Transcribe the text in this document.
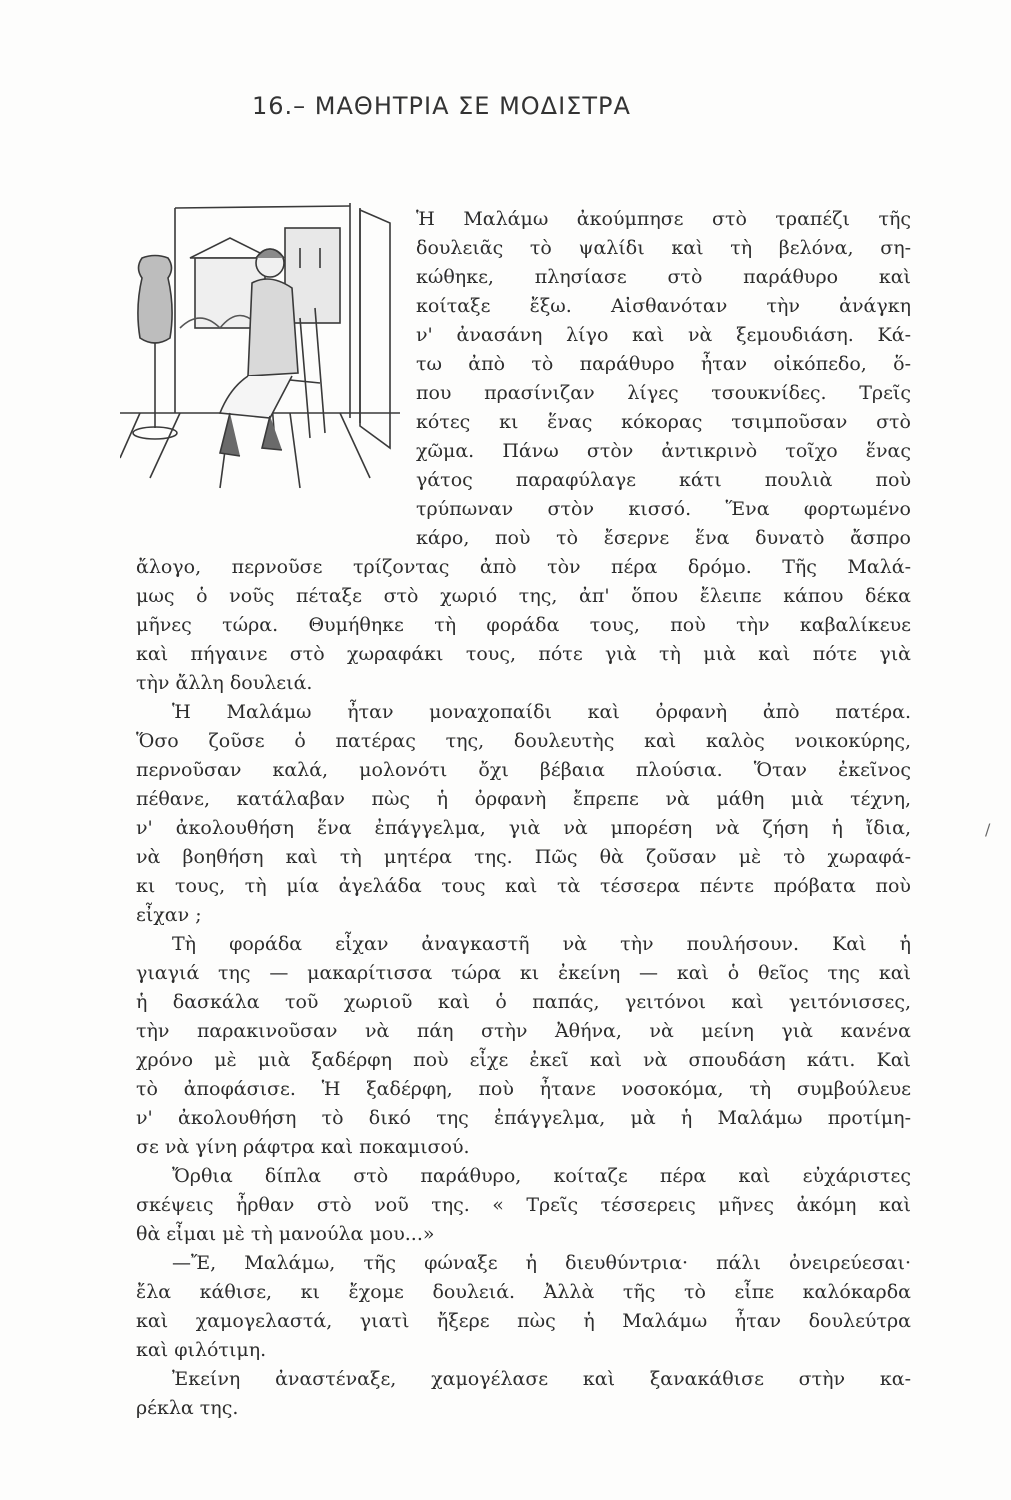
16.– ΜΑΘΗΤΡΙΑ ΣΕ ΜΟΔΙΣΤΡΑ
Ἡ Μαλάμω ἀκούμπησε στὸ τραπέζι τῆς
δουλειᾶς τὸ ψαλίδι καὶ τὴ βελόνα, ση-
κώθηκε, πλησίασε στὸ παράθυρο καὶ
κοίταξε ἔξω. Αἰσθανόταν τὴν ἀνάγκη
ν' ἀνασάνη λίγο καὶ νὰ ξεμουδιάση. Κά-
τω ἀπὸ τὸ παράθυρο ἦταν οἰκόπεδο, ὅ-
που πρασίνιζαν λίγες τσουκνίδες. Τρεῖς
κότες κι ἕνας κόκορας τσιμποῦσαν στὸ
χῶμα. Πάνω στὸν ἀντικρινὸ τοῖχο ἕνας
γάτος παραφύλαγε κάτι πουλιὰ ποὺ
τρύπωναν στὸν κισσό. Ἕνα φορτωμένο
κάρο, ποὺ τὸ ἔσερνε ἕνα δυνατὸ ἄσπρο
ἄλογο, περνοῦσε τρίζοντας ἀπὸ τὸν πέρα δρόμο. Τῆς Μαλά-
μως ὁ νοῦς πέταξε στὸ χωριό της, ἀπ' ὅπου ἔλειπε κάπου δέκα
μῆνες τώρα. Θυμήθηκε τὴ φοράδα τους, ποὺ τὴν καβαλίκευε
καὶ πήγαινε στὸ χωραφάκι τους, πότε γιὰ τὴ μιὰ καὶ πότε γιὰ
τὴν ἄλλη δουλειά.
Ἡ Μαλάμω ἦταν μοναχοπαίδι καὶ ὀρφανὴ ἀπὸ πατέρα.
Ὅσο ζοῦσε ὁ πατέρας της, δουλευτὴς καὶ καλὸς νοικοκύρης,
περνοῦσαν καλά, μολονότι ὄχι βέβαια πλούσια. Ὅταν ἐκεῖνος
πέθανε, κατάλαβαν πὼς ἡ ὀρφανὴ ἔπρεπε νὰ μάθη μιὰ τέχνη,
ν' ἀκολουθήση ἕνα ἐπάγγελμα, γιὰ νὰ μπορέση νὰ ζήση ἡ ἴδια,
νὰ βοηθήση καὶ τὴ μητέρα της. Πῶς θὰ ζοῦσαν μὲ τὸ χωραφά-
κι τους, τὴ μία ἀγελάδα τους καὶ τὰ τέσσερα πέντε πρόβατα ποὺ
εἶχαν ;
Τὴ φοράδα εἶχαν ἀναγκαστῆ νὰ τὴν πουλήσουν. Καὶ ἡ
γιαγιά της — μακαρίτισσα τώρα κι ἐκείνη — καὶ ὁ θεῖος της καὶ
ἡ δασκάλα τοῦ χωριοῦ καὶ ὁ παπάς, γειτόνοι καὶ γειτόνισσες,
τὴν παρακινοῦσαν νὰ πάη στὴν Ἀθήνα, νὰ μείνη γιὰ κανένα
χρόνο μὲ μιὰ ξαδέρφη ποὺ εἶχε ἐκεῖ καὶ νὰ σπουδάση κάτι. Καὶ
τὸ ἀποφάσισε. Ἡ ξαδέρφη, ποὺ ἦτανε νοσοκόμα, τὴ συμβούλευε
ν' ἀκολουθήση τὸ δικό της ἐπάγγελμα, μὰ ἡ Μαλάμω προτίμη-
σε νὰ γίνη ράφτρα καὶ ποκαμισού.
Ὄρθια δίπλα στὸ παράθυρο, κοίταζε πέρα καὶ εὐχάριστες
σκέψεις ἦρθαν στὸ νοῦ της. « Τρεῖς τέσσερεις μῆνες ἀκόμη καὶ
θὰ εἶμαι μὲ τὴ μανούλα μου...»
—Ἔ, Μαλάμω, τῆς φώναξε ἡ διευθύντρια· πάλι ὀνειρεύεσαι·
ἔλα κάθισε, κι ἔχομε δουλειά. Ἀλλὰ τῆς τὸ εἶπε καλόκαρδα
καὶ χαμογελαστά, γιατὶ ἤξερε πὼς ἡ Μαλάμω ἦταν δουλεύτρα
καὶ φιλότιμη.
Ἐκείνη ἀναστέναξε, χαμογέλασε καὶ ξανακάθισε στὴν κα-
ρέκλα της.
/
